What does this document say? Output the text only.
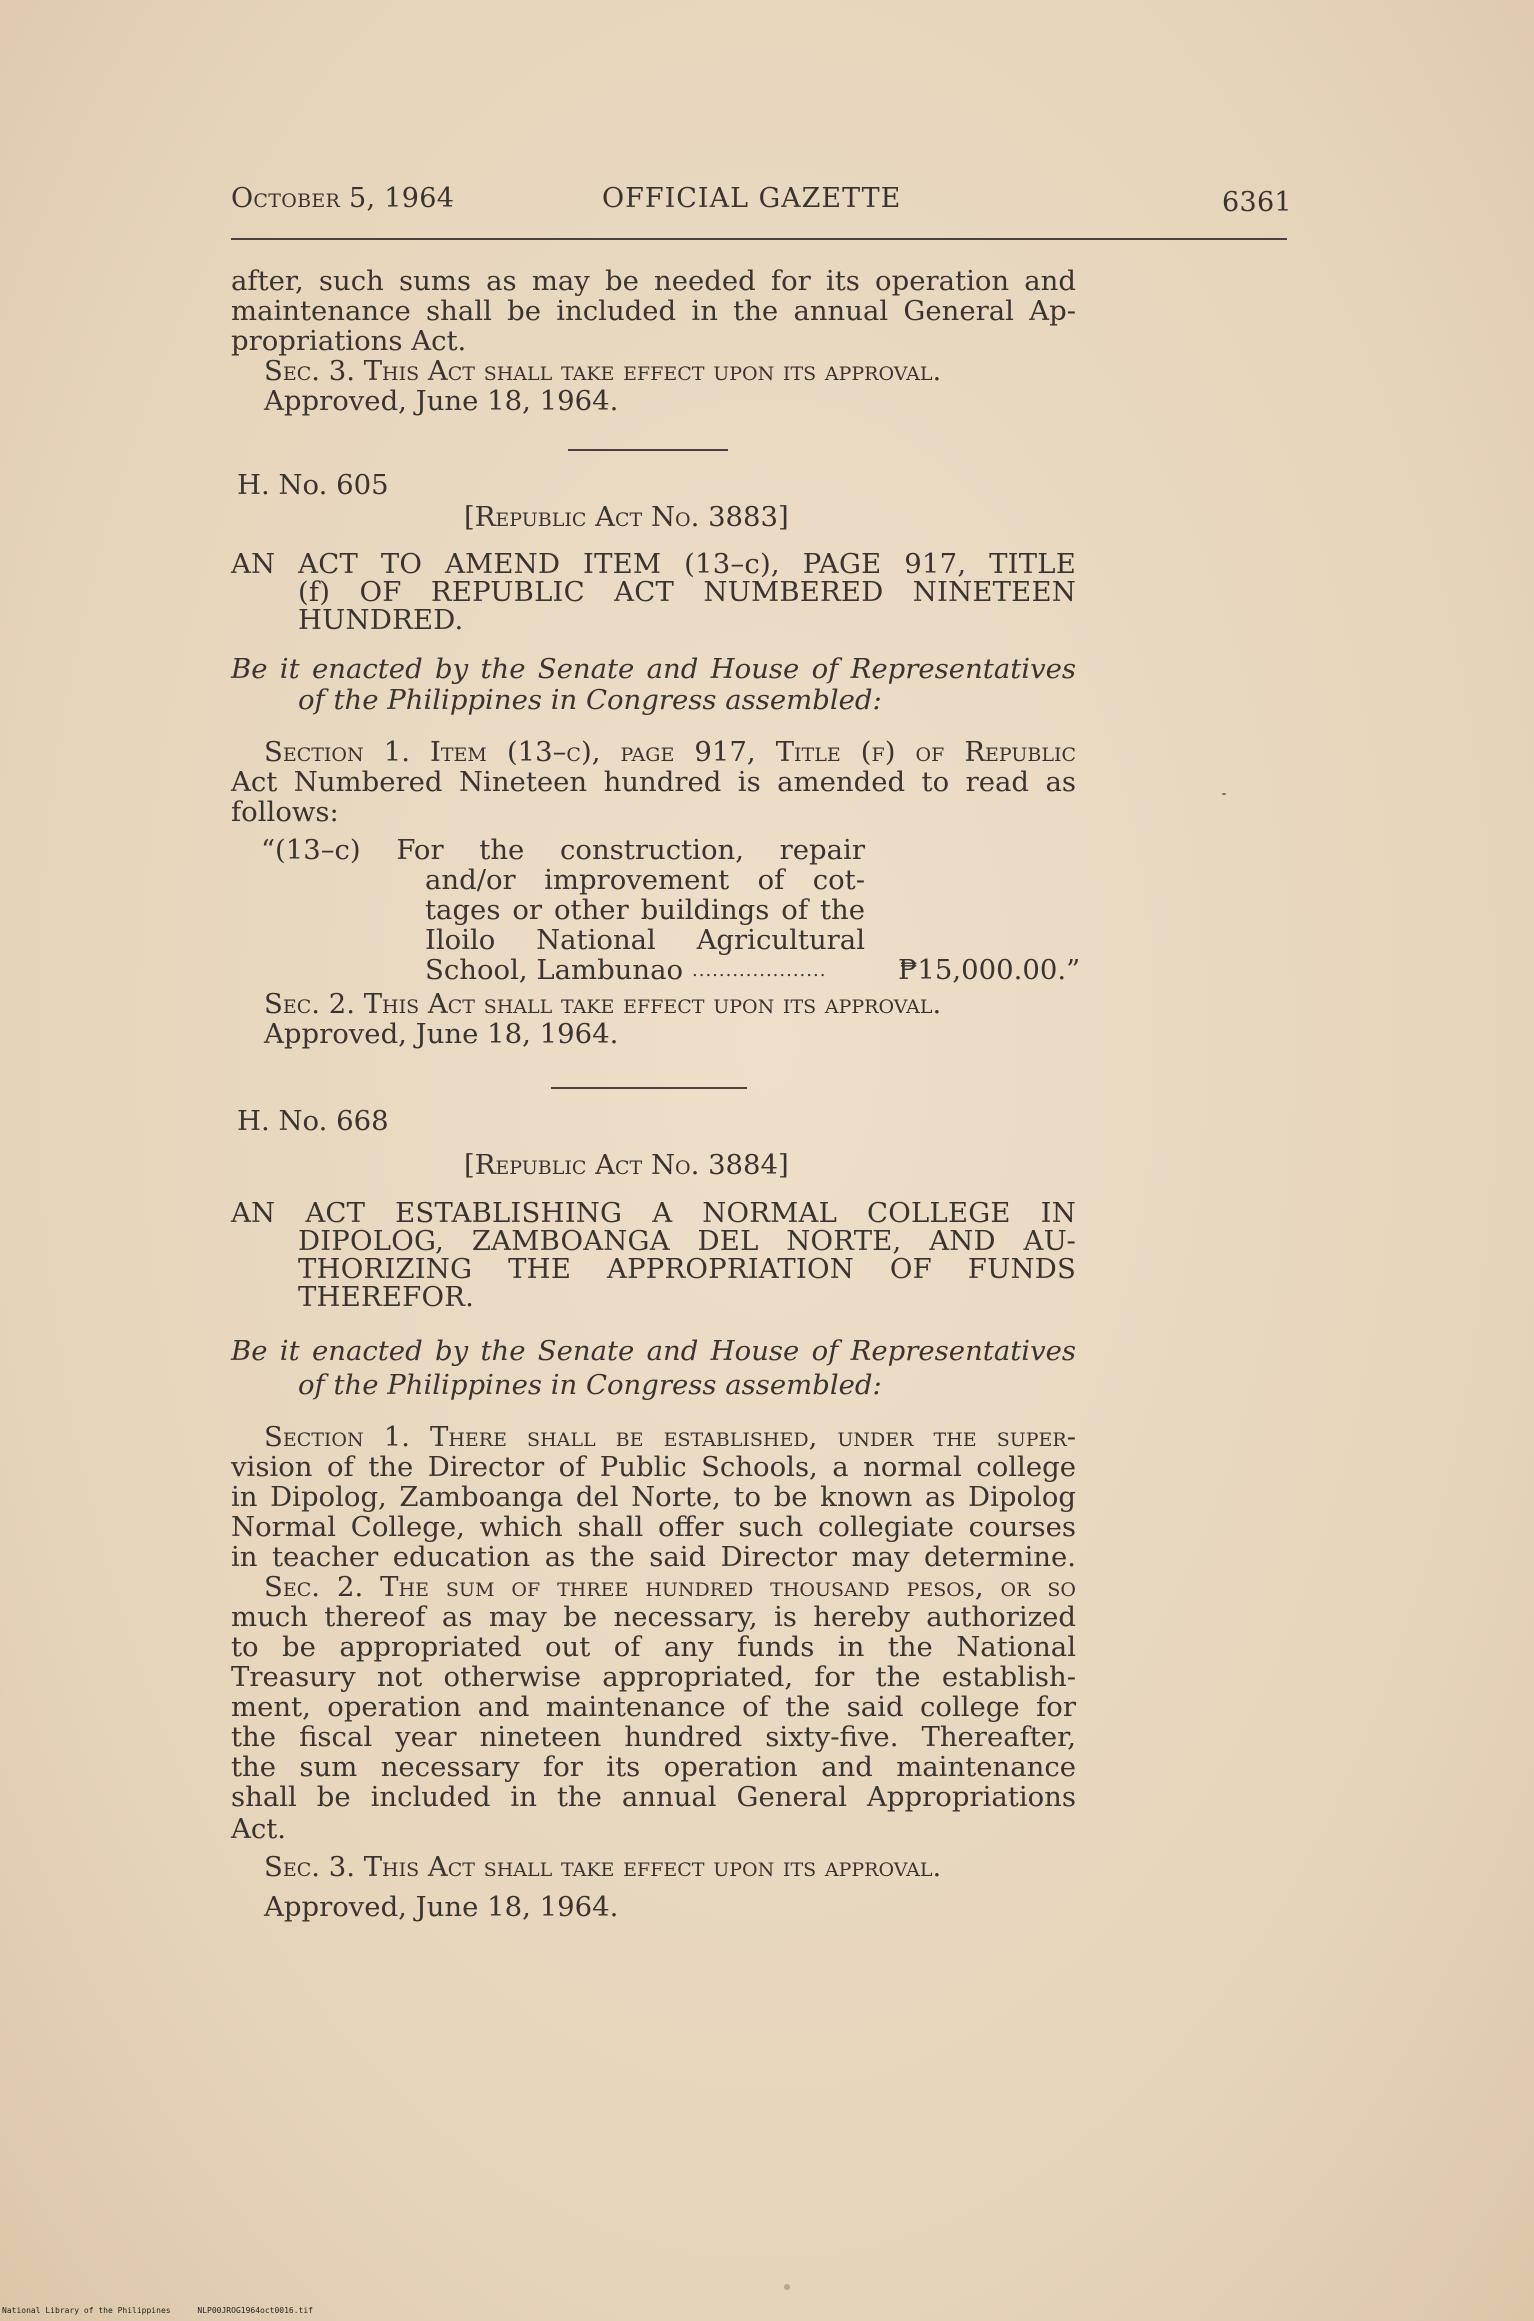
October 5, 1964	OFFICIAL GAZETTE	6361
after, such sums as may be needed for its operation and
maintenance shall be included in the annual General Ap-
propriations Act.
Sec. 3. This Act shall take effect upon its approval.
Approved, June 18, 1964.
H. No. 605
[Republic Act No. 3883]
AN ACT TO AMEND ITEM (13–c), PAGE 917, TITLE
(f) OF REPUBLIC ACT NUMBERED NINETEEN
HUNDRED.
Be it enacted by the Senate and House of Representatives
of the Philippines in Congress assembled:
Section 1. Item (13–c), page 917, Title (f) of Republic
Act Numbered Nineteen hundred is amended to read as
follows:
“(13–c) For the construction, repair
and/or improvement of cot-
tages or other buildings of the
Iloilo National Agricultural
School, Lambunao ....................	₱15,000.00.”
Sec. 2. This Act shall take effect upon its approval.
Approved, June 18, 1964.
H. No. 668
[Republic Act No. 3884]
AN ACT ESTABLISHING A NORMAL COLLEGE IN
DIPOLOG, ZAMBOANGA DEL NORTE, AND AU-
THORIZING THE APPROPRIATION OF FUNDS
THEREFOR.
Be it enacted by the Senate and House of Representatives
of the Philippines in Congress assembled:
Section 1. There shall be established, under the super-
vision of the Director of Public Schools, a normal college
in Dipolog, Zamboanga del Norte, to be known as Dipolog
Normal College, which shall offer such collegiate courses
in teacher education as the said Director may determine.
Sec. 2. The sum of three hundred thousand pesos, or so
much thereof as may be necessary, is hereby authorized
to be appropriated out of any funds in the National
Treasury not otherwise appropriated, for the establish-
ment, operation and maintenance of the said college for
the fiscal year nineteen hundred sixty-five. Thereafter,
the sum necessary for its operation and maintenance
shall be included in the annual General Appropriations
Act.
Sec. 3. This Act shall take effect upon its approval.
Approved, June 18, 1964.
National Library of the Philippines	NLP00JROG1964oct0016.tif
